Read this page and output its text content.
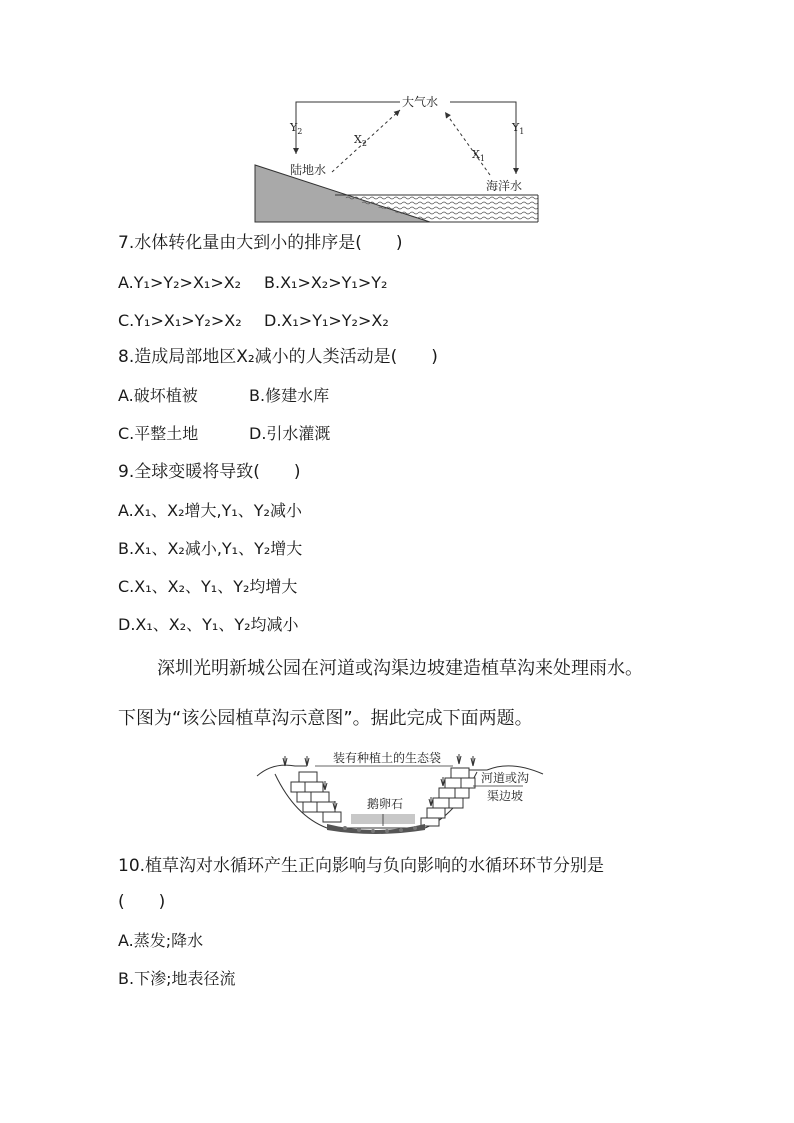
大气水
陆地水
海洋水
$Y_2$
$X_2$
$X_1$
$Y_1$
7.水体转化量由大到小的排序是(　　)
A.Y₁>Y₂>X₁>X₂ B.X₁>X₂>Y₁>Y₂
C.Y₁>X₁>Y₂>X₂ D.X₁>Y₁>Y₂>X₂
8.造成局部地区X₂减小的人类活动是(　　)
A.破坏植被	B.修建水库
C.平整土地	D.引水灌溉
9.全球变暖将导致(　　)
A.X₁、X₂增大,Y₁、Y₂减小
B.X₁、X₂减小,Y₁、Y₂增大
C.X₁、X₂、Y₁、Y₂均增大
D.X₁、X₂、Y₁、Y₂均减小
深圳光明新城公园在河道或沟渠边坡建造植草沟来处理雨水。
下图为“该公园植草沟示意图”。据此完成下面两题。
装有种植土的生态袋
鹅卵石
河道或沟
渠边坡
10.植草沟对水循环产生正向影响与负向影响的水循环环节分别是
(　　)
A.蒸发;降水
B.下渗;地表径流
